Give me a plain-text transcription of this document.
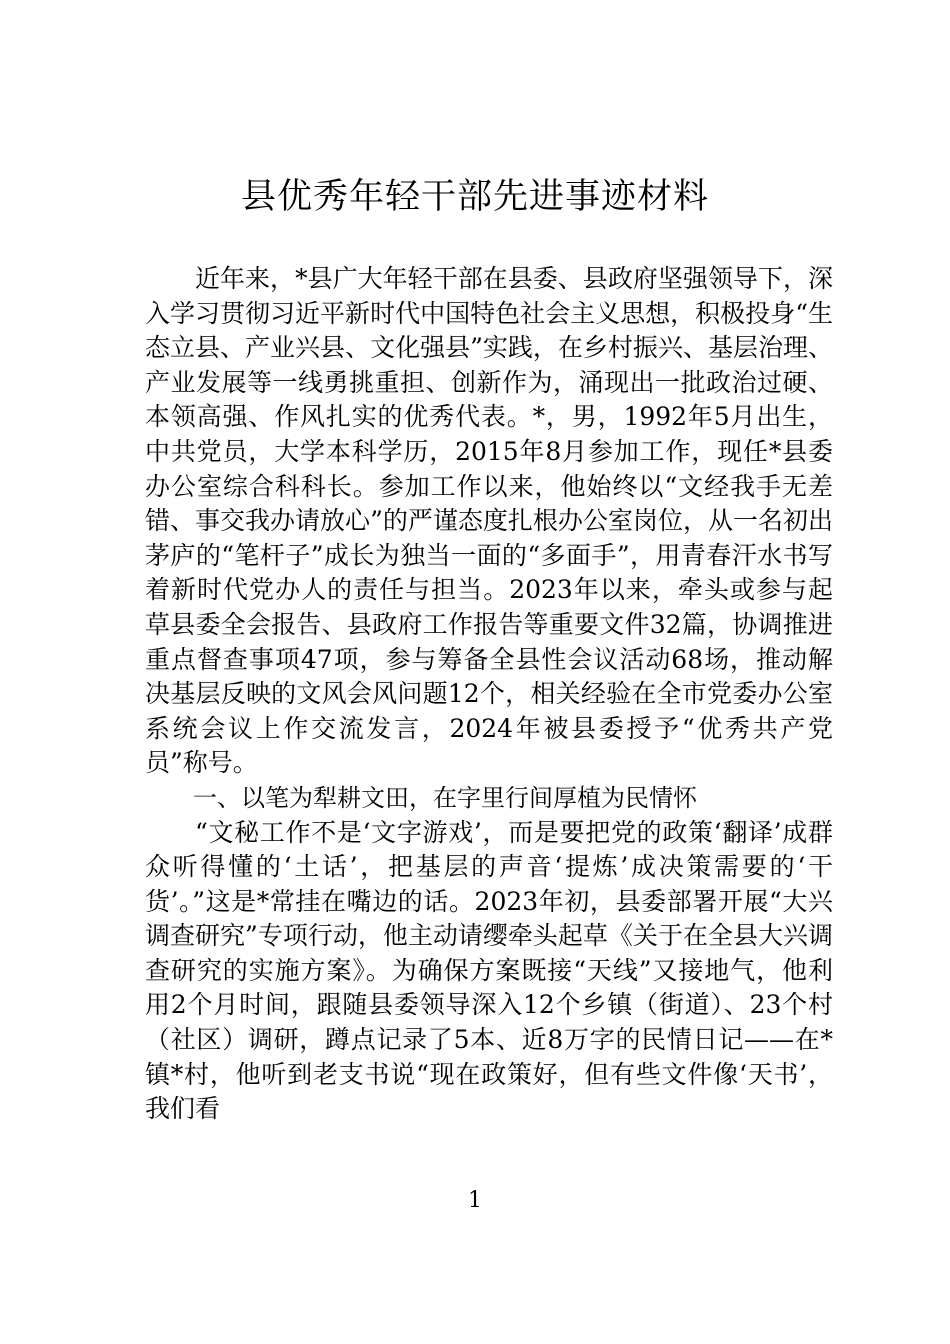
县优秀年轻干部先进事迹材料

近年来，*县广大年轻干部在县委、县政府坚强领导下，深入学习贯彻习近平新时代中国特色社会主义思想，积极投身“生态立县、产业兴县、文化强县”实践，在乡村振兴、基层治理、产业发展等一线勇挑重担、创新作为，涌现出一批政治过硬、本领高强、作风扎实的优秀代表。*，男，1992年5月出生，中共党员，大学本科学历，2015年8月参加工作，现任*县委办公室综合科科长。参加工作以来，他始终以“文经我手无差错、事交我办请放心”的严谨态度扎根办公室岗位，从一名初出茅庐的“笔杆子”成长为独当一面的“多面手”，用青春汗水书写着新时代党办人的责任与担当。2023年以来，牵头或参与起草县委全会报告、县政府工作报告等重要文件32篇，协调推进重点督查事项47项，参与筹备全县性会议活动68场，推动解决基层反映的文风会风问题12个，相关经验在全市党委办公室系统会议上作交流发言，2024年被县委授予“优秀共产党员”称号。

一、以笔为犁耕文田，在字里行间厚植为民情怀

“文秘工作不是‘文字游戏’，而是要把党的政策‘翻译’成群众听得懂的‘土话’，把基层的声音‘提炼’成决策需要的‘干货’。”这是*常挂在嘴边的话。2023年初，县委部署开展“大兴调查研究”专项行动，他主动请缨牵头起草《关于在全县大兴调查研究的实施方案》。为确保方案既接“天线”又接地气，他利用2个月时间，跟随县委领导深入12个乡镇（街道）、23个村（社区）调研，蹲点记录了5本、近8万字的民情日记——在*镇*村，他听到老支书说“现在政策好，但有些文件像‘天书’，我们看

1
